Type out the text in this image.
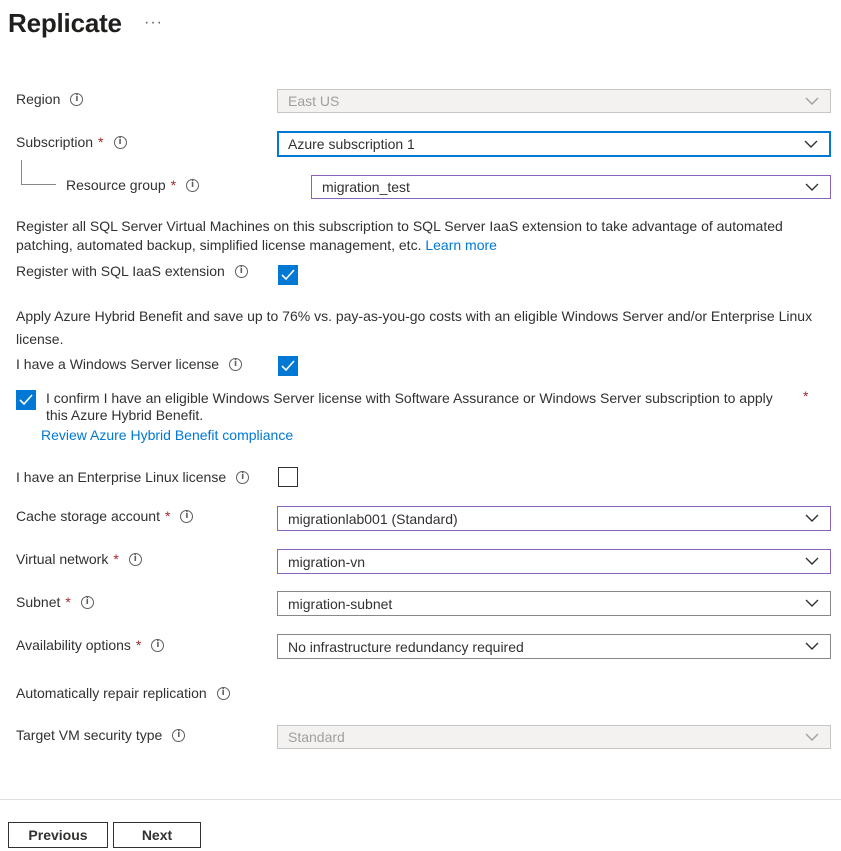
Replicate ···
Region	i	East US
Subscription *	i	Azure subscription 1
Resource group *	i	migration_test
Register all SQL Server Virtual Machines on this subscription to SQL Server IaaS extension to take advantage of automated patching, automated backup, simplified license management, etc. Learn more
Register with SQL IaaS extension	i
Apply Azure Hybrid Benefit and save up to 76% vs. pay-as-you-go costs with an eligible Windows Server and/or Enterprise Linux license.
I have a Windows Server license	i
I confirm I have an eligible Windows Server license with Software Assurance or Windows Server subscription to apply this Azure Hybrid Benefit.
*
Review Azure Hybrid Benefit compliance
I have an Enterprise Linux license	i
Cache storage account *	i	migrationlab001 (Standard)
Virtual network *	i	migration-vn
Subnet *	i	migration-subnet
Availability options *	i	No infrastructure redundancy required
Automatically repair replication	i
Target VM security type	i	Standard
Previous	Next
